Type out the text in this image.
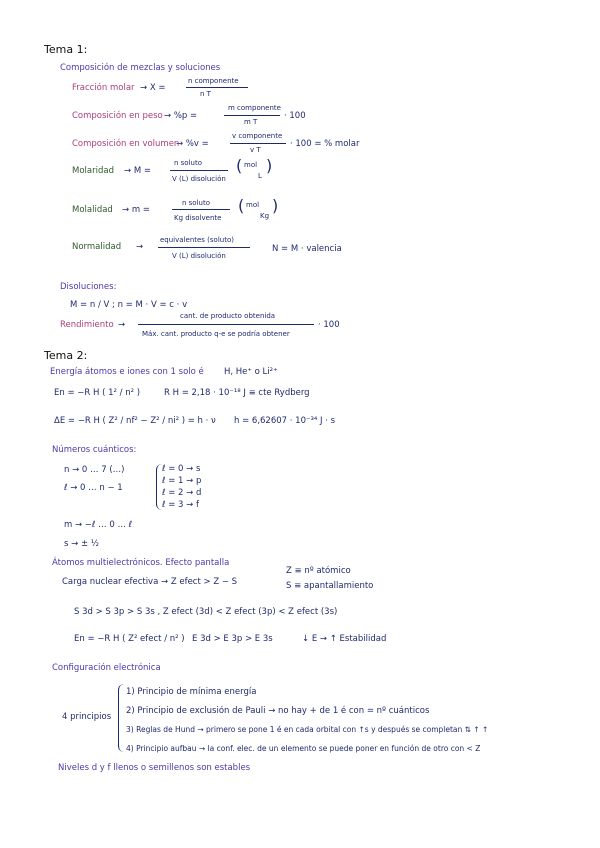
Tema 1:
Composición de mezclas y soluciones
Fracción molar → X =
n componente
n T
Composición en peso → %p =
m componente
m T
· 100
Composición en volumen
→ %v =
v componente
v T
· 100 = % molar
Molaridad → M =
n soluto
V (L) disolución
( mol
L
)
Molalidad → m =
n soluto
Kg disolvente
( mol
Kg
)
Normalidad →
equivalentes (soluto)
V (L) disolución
N = M · valencia
Disoluciones:
M = n / V ; n = M · V = c · v
Rendimiento →
cant. de producto obtenida
Máx. cant. producto q-e se podría obtener
· 100
Tema 2:
Energía átomos e iones con 1 solo é H, He⁺ o Li²⁺
En = −R H ( 1² / n² )	R H = 2,18 · 10⁻¹⁸ J ≡ cte Rydberg
ΔE = −R H ( Z² / nf² − Z² / ni² ) = h · ν h = 6,62607 · 10⁻³⁴ J · s
Números cuánticos:
n → 0 … 7 (…)
ℓ → 0 … n − 1
ℓ = 0 → s
ℓ = 1 → p
ℓ = 2 → d
ℓ = 3 → f
m → −ℓ … 0 … ℓ
s → ± ½
Átomos multielectrónicos. Efecto pantalla
Z ≡ nº atómico
S ≡ apantallamiento
Carga nuclear efectiva → Z efect > Z − S
S 3d > S 3p > S 3s , Z efect (3d) < Z efect (3p) < Z efect (3s)
En = −R H ( Z² efect / n² ) E 3d > E 3p > E 3s	↓ E → ↑ Estabilidad
Configuración electrónica
4 principios
1) Principio de mínima energía
2) Principio de exclusión de Pauli → no hay + de 1 é con = nº cuánticos
3) Reglas de Hund → primero se pone 1 é en cada orbital con ↑s y después se completan ⇅ ↑ ↑
4) Principio aufbau → la conf. elec. de un elemento se puede poner en función de otro con < Z
Niveles d y f llenos o semillenos son estables
